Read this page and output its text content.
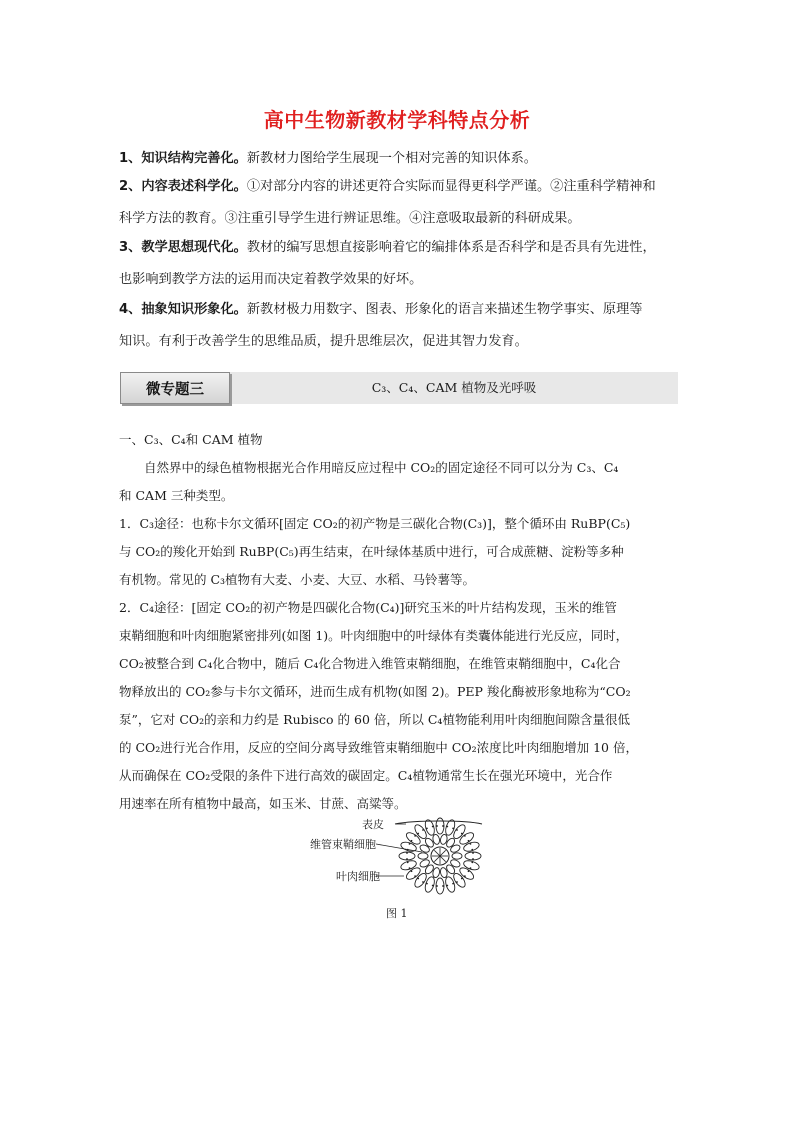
高中生物新教材学科特点分析

1、知识结构完善化。新教材力图给学生展现一个相对完善的知识体系。

2、内容表述科学化。①对部分内容的讲述更符合实际而显得更科学严谨。②注重科学精神和
科学方法的教育。③注重引导学生进行辨证思维。④注意吸取最新的科研成果。

3、教学思想现代化。教材的编写思想直接影响着它的编排体系是否科学和是否具有先进性，
也影响到教学方法的运用而决定着教学效果的好坏。

4、抽象知识形象化。新教材极力用数字、图表、形象化的语言来描述生物学事实、原理等
知识。有利于改善学生的思维品质，提升思维层次，促进其智力发育。

微专题三	C₃、C₄、CAM 植物及光呼吸
一、C₃、C₄和 CAM 植物
自然界中的绿色植物根据光合作用暗反应过程中 CO₂的固定途径不同可以分为 C₃、C₄
和 CAM 三种类型。
1．C₃途径：也称卡尔文循环[固定 CO₂的初产物是三碳化合物(C₃)]，整个循环由 RuBP(C₅)
与 CO₂的羧化开始到 RuBP(C₅)再生结束，在叶绿体基质中进行，可合成蔗糖、淀粉等多种
有机物。常见的 C₃植物有大麦、小麦、大豆、水稻、马铃薯等。
2．C₄途径：[固定 CO₂的初产物是四碳化合物(C₄)]研究玉米的叶片结构发现，玉米的维管
束鞘细胞和叶肉细胞紧密排列(如图 1)。叶肉细胞中的叶绿体有类囊体能进行光反应，同时，
CO₂被整合到 C₄化合物中，随后 C₄化合物进入维管束鞘细胞，在维管束鞘细胞中，C₄化合
物释放出的 CO₂参与卡尔文循环，进而生成有机物(如图 2)。PEP 羧化酶被形象地称为“CO₂
泵”，它对 CO₂的亲和力约是 Rubisco 的 60 倍，所以 C₄植物能利用叶肉细胞间隙含量很低
的 CO₂进行光合作用，反应的空间分离导致维管束鞘细胞中 CO₂浓度比叶肉细胞增加 10 倍，
从而确保在 CO₂受限的条件下进行高效的碳固定。C₄植物通常生长在强光环境中，光合作
用速率在所有植物中最高，如玉米、甘蔗、高粱等。
表皮
维管束鞘细胞
叶肉细胞
图 1
